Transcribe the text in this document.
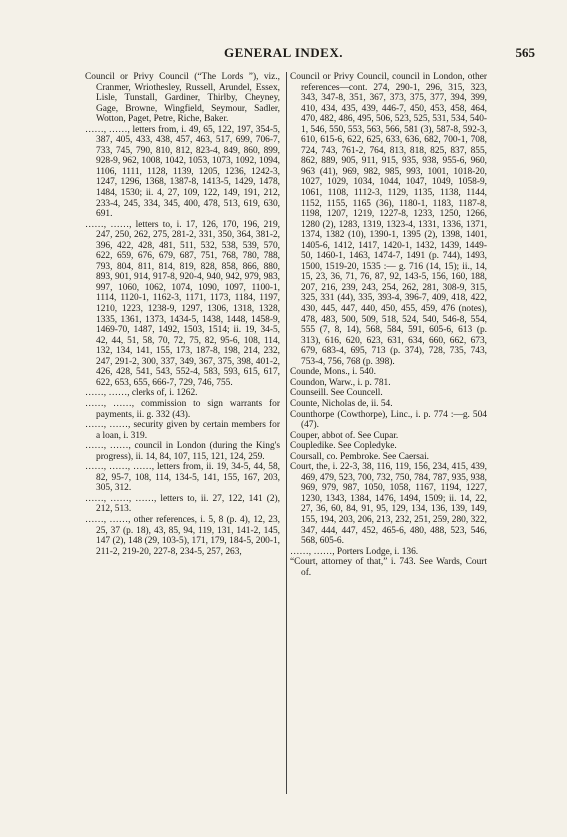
GENERAL INDEX.	565

Council or Privy Council (“The Lords ”), viz., Cranmer, Wriothesley, Russell, Arundel, Essex, Lisle, Tunstall, Gardiner, Thirlby, Cheyney, Gage, Browne, Wingfield, Seymour, Sadler, Wotton, Paget, Petre, Riche, Baker.

……, ……, letters from, i. 49, 65, 122, 197, 354-5, 387, 405, 433, 438, 457, 463, 517, 699, 706-7, 733, 745, 790, 810, 812, 823-4, 849, 860, 899, 928-9, 962, 1008, 1042, 1053, 1073, 1092, 1094, 1106, 1111, 1128, 1139, 1205, 1236, 1242-3, 1247, 1296, 1368, 1387-8, 1413-5, 1429, 1478, 1484, 1530; ii. 4, 27, 109, 122, 149, 191, 212, 233-4, 245, 334, 345, 400, 478, 513, 619, 630, 691.

……, ……, letters to, i. 17, 126, 170, 196, 219, 247, 250, 262, 275, 281-2, 331, 350, 364, 381-2, 396, 422, 428, 481, 511, 532, 538, 539, 570, 622, 659, 676, 679, 687, 751, 768, 780, 788, 793, 804, 811, 814, 819, 828, 858, 866, 880, 893, 901, 914, 917-8, 920-4, 940, 942, 979, 983, 997, 1060, 1062, 1074, 1090, 1097, 1100-1, 1114, 1120-1, 1162-3, 1171, 1173, 1184, 1197, 1210, 1223, 1238-9, 1297, 1306, 1318, 1328, 1335, 1361, 1373, 1434-5, 1438, 1448, 1458-9, 1469-70, 1487, 1492, 1503, 1514; ii. 19, 34-5, 42, 44, 51, 58, 70, 72, 75, 82, 95-6, 108, 114, 132, 134, 141, 155, 173, 187-8, 198, 214, 232, 247, 291-2, 300, 337, 349, 367, 375, 398, 401-2, 426, 428, 541, 543, 552-4, 583, 593, 615, 617, 622, 653, 655, 666-7, 729, 746, 755.

……, ……, clerks of, i. 1262.

……, ……, commission to sign warrants for payments, ii. g. 332 (43).

……, ……, security given by certain members for a loan, i. 319.

……, ……, council in London (during the King's progress), ii. 14, 84, 107, 115, 121, 124, 259.

……, ……, ……, letters from, ii. 19, 34-5, 44, 58, 82, 95-7, 108, 114, 134-5, 141, 155, 167, 203, 305, 312.

……, ……, ……, letters to, ii. 27, 122, 141 (2), 212, 513.

……, ……, other references, i. 5, 8 (p. 4), 12, 23, 25, 37 (p. 18), 43, 85, 94, 119, 131, 141-2, 145, 147 (2), 148 (29, 103-5), 171, 179, 184-5, 200-1, 211-2, 219-20, 227-8, 234-5, 257, 263,

Council or Privy Council, council in London, other references—cont. 274, 290-1, 296, 315, 323, 343, 347-8, 351, 367, 373, 375, 377, 394, 399, 410, 434, 435, 439, 446-7, 450, 453, 458, 464, 470, 482, 486, 495, 506, 523, 525, 531, 534, 540-1, 546, 550, 553, 563, 566, 581 (3), 587-8, 592-3, 610, 615-6, 622, 625, 633, 636, 682, 700-1, 708, 724, 743, 761-2, 764, 813, 818, 825, 837, 855, 862, 889, 905, 911, 915, 935, 938, 955-6, 960, 963 (41), 969, 982, 985, 993, 1001, 1018-20, 1027, 1029, 1034, 1044, 1047, 1049, 1058-9, 1061, 1108, 1112-3, 1129, 1135, 1138, 1144, 1152, 1155, 1165 (36), 1180-1, 1183, 1187-8, 1198, 1207, 1219, 1227-8, 1233, 1250, 1266, 1280 (2), 1283, 1319, 1323-4, 1331, 1336, 1371, 1374, 1382 (10), 1390-1, 1395 (2), 1398, 1401, 1405-6, 1412, 1417, 1420-1, 1432, 1439, 1449-50, 1460-1, 1463, 1474-7, 1491 (p. 744), 1493, 1500, 1519-20, 1535 :— g. 716 (14, 15); ii., 14, 15, 23, 36, 71, 76, 87, 92, 143-5, 156, 160, 188, 207, 216, 239, 243, 254, 262, 281, 308-9, 315, 325, 331 (44), 335, 393-4, 396-7, 409, 418, 422, 430, 445, 447, 440, 450, 455, 459, 476 (notes), 478, 483, 500, 509, 518, 524, 540, 546-8, 554, 555 (7, 8, 14), 568, 584, 591, 605-6, 613 (p. 313), 616, 620, 623, 631, 634, 660, 662, 673, 679, 683-4, 695, 713 (p. 374), 728, 735, 743, 753-4, 756, 768 (p. 398).

Counde, Mons., i. 540.

Coundon, Warw., i. p. 781.

Counseill. See Councell.

Counte, Nicholas de, ii. 54.

Counthorpe (Cowthorpe), Linc., i. p. 774 :—g. 504 (47).

Couper, abbot of. See Cupar.

Coupledike. See Copledyke.

Coursall, co. Pembroke. See Caersai.

Court, the, i. 22-3, 38, 116, 119, 156, 234, 415, 439, 469, 479, 523, 700, 732, 750, 784, 787, 935, 938, 969, 979, 987, 1050, 1058, 1167, 1194, 1227, 1230, 1343, 1384, 1476, 1494, 1509; ii. 14, 22, 27, 36, 60, 84, 91, 95, 129, 134, 136, 139, 149, 155, 194, 203, 206, 213, 232, 251, 259, 280, 322, 347, 444, 447, 452, 465-6, 480, 488, 523, 546, 568, 605-6.

……, ……, Porters Lodge, i. 136.

“Court, attorney of that,” i. 743. See Wards, Court of.
